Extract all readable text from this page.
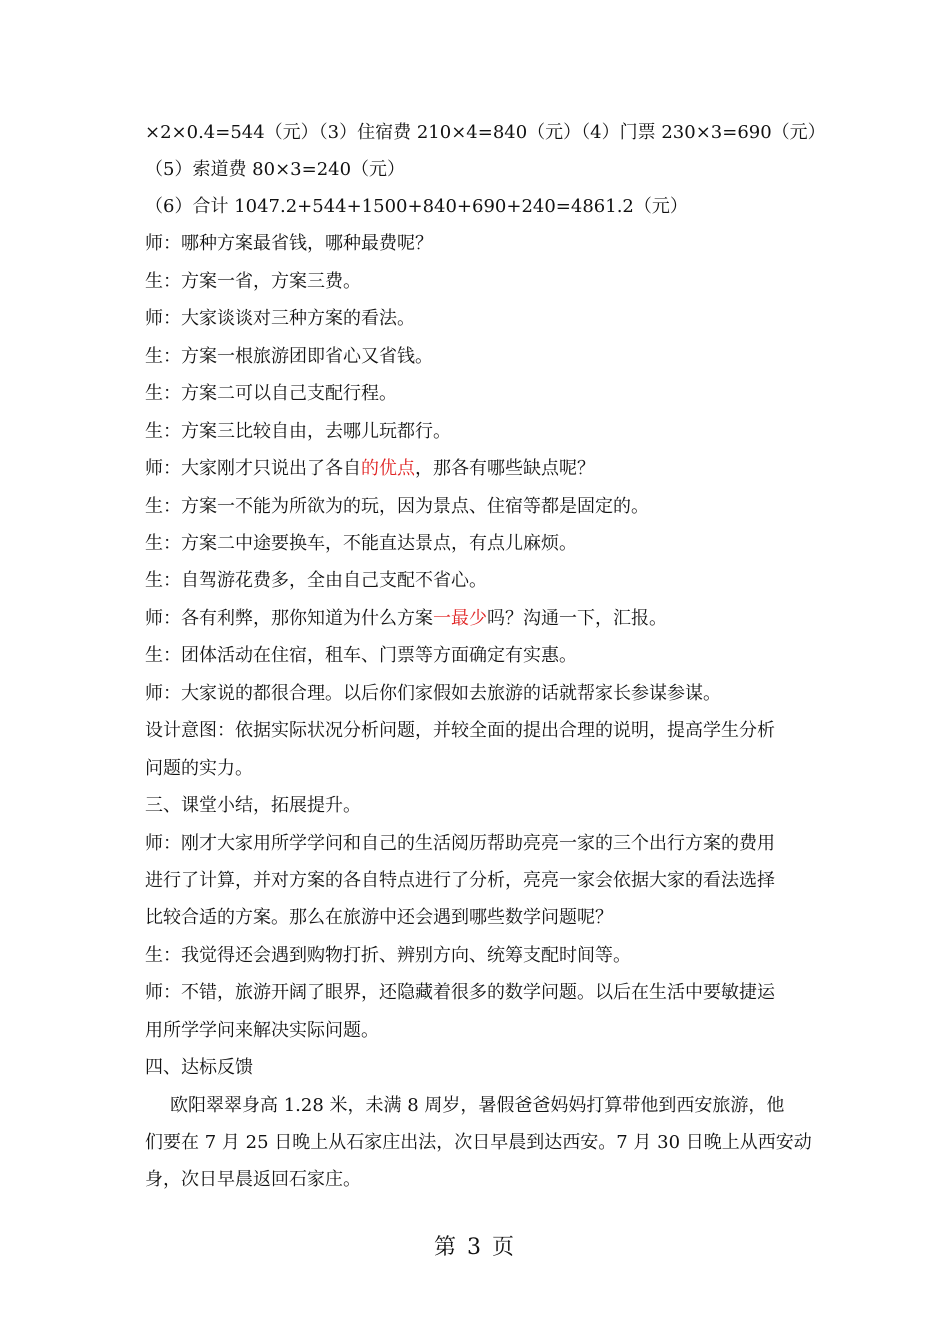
×2×0.4=544（元）（3）住宿费 210×4=840（元）（4）门票 230×3=690（元）
（5）索道费 80×3=240（元）
（6）合计 1047.2+544+1500+840+690+240=4861.2（元）
师：哪种方案最省钱，哪种最费呢？
生：方案一省，方案三费。
师：大家谈谈对三种方案的看法。
生：方案一根旅游团即省心又省钱。
生：方案二可以自己支配行程。
生：方案三比较自由，去哪儿玩都行。
师：大家刚才只说出了各自的优点，那各有哪些缺点呢？
生：方案一不能为所欲为的玩，因为景点、住宿等都是固定的。
生：方案二中途要换车，不能直达景点，有点儿麻烦。
生：自驾游花费多，全由自己支配不省心。
师：各有利弊，那你知道为什么方案一最少吗？沟通一下，汇报。
生：团体活动在住宿，租车、门票等方面确定有实惠。
师：大家说的都很合理。以后你们家假如去旅游的话就帮家长参谋参谋。
设计意图：依据实际状况分析问题，并较全面的提出合理的说明，提高学生分析
问题的实力。
三、课堂小结，拓展提升。
师：刚才大家用所学学问和自己的生活阅历帮助亮亮一家的三个出行方案的费用
进行了计算，并对方案的各自特点进行了分析，亮亮一家会依据大家的看法选择
比较合适的方案。那么在旅游中还会遇到哪些数学问题呢？
生：我觉得还会遇到购物打折、辨别方向、统筹支配时间等。
师：不错，旅游开阔了眼界，还隐藏着很多的数学问题。以后在生活中要敏捷运
用所学学问来解决实际问题。
四、达标反馈
欧阳翠翠身高 1.28 米，未满 8 周岁，暑假爸爸妈妈打算带他到西安旅游，他
们要在 7 月 25 日晚上从石家庄出法，次日早晨到达西安。7 月 30 日晚上从西安动
身，次日早晨返回石家庄。
第 3 页
